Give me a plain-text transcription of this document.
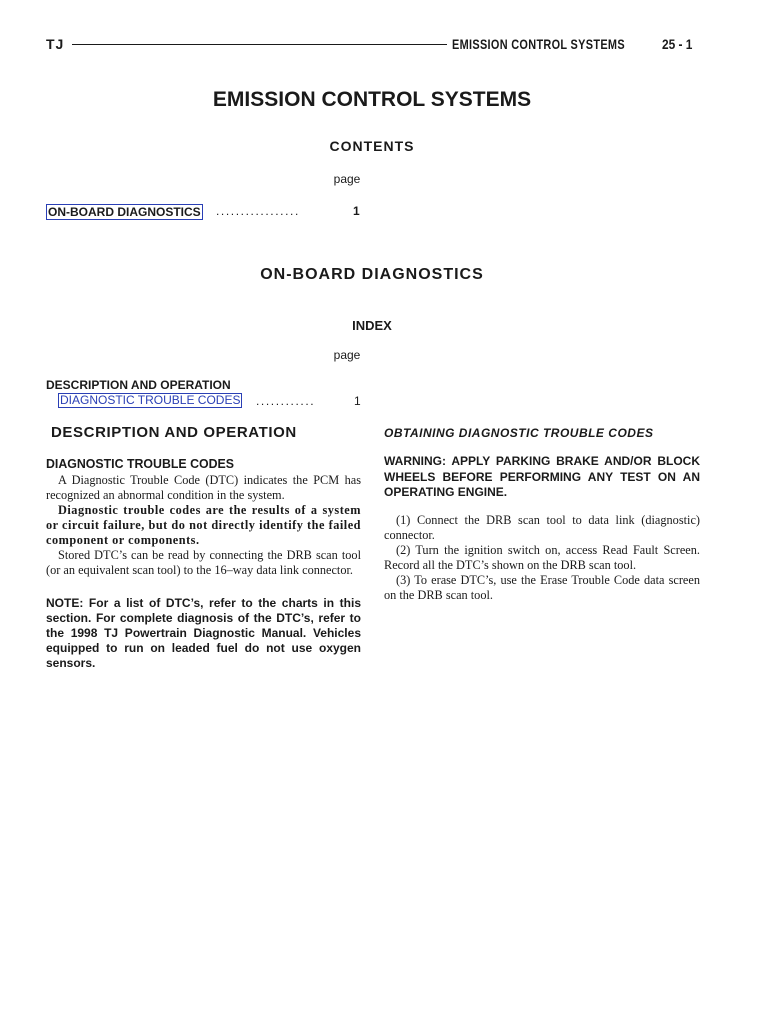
TJ	EMISSION CONTROL SYSTEMS	25 - 1
EMISSION CONTROL SYSTEMS
CONTENTS
page
ON-BOARD DIAGNOSTICS .................	1
ON-BOARD DIAGNOSTICS
INDEX
page
DESCRIPTION AND OPERATION
DIAGNOSTIC TROUBLE CODES ............	1
DESCRIPTION AND OPERATION
DIAGNOSTIC TROUBLE CODES

A Diagnostic Trouble Code (DTC) indicates the PCM has recognized an abnormal condition in the system.

Diagnostic trouble codes are the results of a system or circuit failure, but do not directly identify the failed component or components.

Stored DTC’s can be read by connecting the DRB scan tool (or an equivalent scan tool) to the 16–way data link connector.

NOTE: For a list of DTC’s, refer to the charts in this section. For complete diagnosis of the DTC’s, refer to the 1998 TJ Powertrain Diagnostic Manual. Vehicles equipped to run on leaded fuel do not use oxygen sensors.

OBTAINING DIAGNOSTIC TROUBLE CODES

WARNING: APPLY PARKING BRAKE AND/OR BLOCK WHEELS BEFORE PERFORMING ANY TEST ON AN OPERATING ENGINE.

(1) Connect the DRB scan tool to data link (diagnostic) connector.

(2) Turn the ignition switch on, access Read Fault Screen. Record all the DTC’s shown on the DRB scan tool.

(3) To erase DTC’s, use the Erase Trouble Code data screen on the DRB scan tool.
